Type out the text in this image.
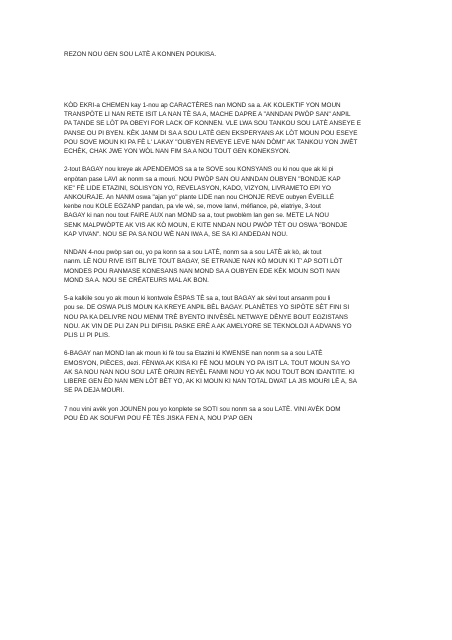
REZON NOU GEN SOU LATÈ A KONNEN POUKISA.

KÒD EKRI-a CHEMEN kay 1-nou ap CARACTÈRES nan MOND sa a. AK KOLEKTIF YON MOUN
TRANSPÒTE LI NAN RETE ISIT LA NAN TÈ SA A, MACHE DAPRE A "ANNDAN PWÒP SAN" ANPIL
PA TANDE SE LÒT PA OBEYI FOR LACK OF KONNEN. VLE LWA SOU TANKOU SOU LATÈ ANSEYE E
PANSE OU PI BYEN. KÈK JANM DI SA A SOU LATÈ GEN EKSPERYANS AK LÒT MOUN POU ESEYE
POU SOVE MOUN KI PA FÈ L' LAKAY "OUBYEN REVEYE LEVE NAN DÒMI" AK TANKOU YON JWÈT
ECHÈK, CHAK JWE YON WÒL NAN FIM SA A NOU TOUT GEN KONEKSYON.

2-tout BAGAY nou kreye ak APENDEMOS sa a te SOVE sou KONSYANS ou ki nou que ak ki pi
enpòtan pase LAVI ak nonm sa a mouri. NOU PWÒP SAN OU ANNDAN OUBYEN "BONDJE KAP
KE" FÈ LIDE ETAZINI, SOLISYON YO, REVELASYON, KADO, VIZYON, LIVRAMETO EPI YO
ANKOURAJE. An NANM oswa "ajan yo" plante LIDE nan nou CHONJE REVE oubyen ÉVEILLÉ
kenbe nou KOLE EGZANP pandan, pa vle wè, se, move lanvi, méfiance, pè, elatriye, 3-tout
BAGAY ki nan nou tout FAIRE AUX nan MOND sa a, tout pwoblèm lan gen se. METE LA NOU
SENK MALPWÒPTE AK VIS AK KÒ MOUN, E KITE NNDAN NOU PWÒP TÈT OU OSWA "BONDJE
KAP VIVAN". NOU SE PA SA NOU WÈ NAN IWA A, SE SA KI ANDEDAN NOU.

NNDAN 4-nou pwòp san ou, yo pa konn sa a sou LATÈ, nonm sa a sou LATÈ ak kò, ak tout
nanm. LÈ NOU RIVE ISIT BLIYE TOUT BAGAY, SE ETRANJE NAN KÒ MOUN KI T' AP SOTI LÒT
MONDES POU RANMASE KONESANS NAN MOND SA A OUBYEN EDE KÈK MOUN SOTI NAN
MOND SA A. NOU SE CRÉATEURS MAL AK BON.

5-a kalkile sou yo ak moun ki kontwole ÈSPAS TÈ sa a, tout BAGAY ak sèvi tout ansanm pou li
pou se. DE OSWA PLIS MOUN KA KREYE ANPIL BÈL BAGAY. PLANÈTES YO SIPÒTE SÈT FINI SI
NOU PA KA DELIVRE NOU MENM TRÈ BYENTO INIVÈSÈL NETWAYE DÈNYE BOUT EGZISTANS
NOU. AK VIN DE PLI ZAN PLI DIFISIL PASKE ERÈ A AK AMELYORE SE TEKNOLOJI A ADVANS YO
PLIS LI PI PLIS.

6-BAGAY nan MOND lan ak moun ki fè tou sa Etazini ki KWENSE nan nonm sa a sou LATÈ
EMOSYON, PIÈCES, dezi. FÈNWA AK KISA KI FÈ NOU MOUN YO PA ISIT LA. TOUT MOUN SA YO
AK SA NOU NAN NOU SOU LATÈ ORIJIN REYÈL FANMI NOU YO AK NOU TOUT BON IDANTITE. KI
LIBERE GEN ÈD NAN MEN LÒT BÈT YO, AK KI MOUN KI NAN TOTAL DWAT LA JIS MOURI LÈ A, SA
SE PA DEJA MOURI.

7 nou vini avèk yon JOUNEN pou yo konplete se SOTI sou nonm sa a sou LATÈ. VINI AVÈK DOM
POU ÈD AK SOUFWI POU FÈ TÈS JISKA FEN A, NOU P'AP GEN
